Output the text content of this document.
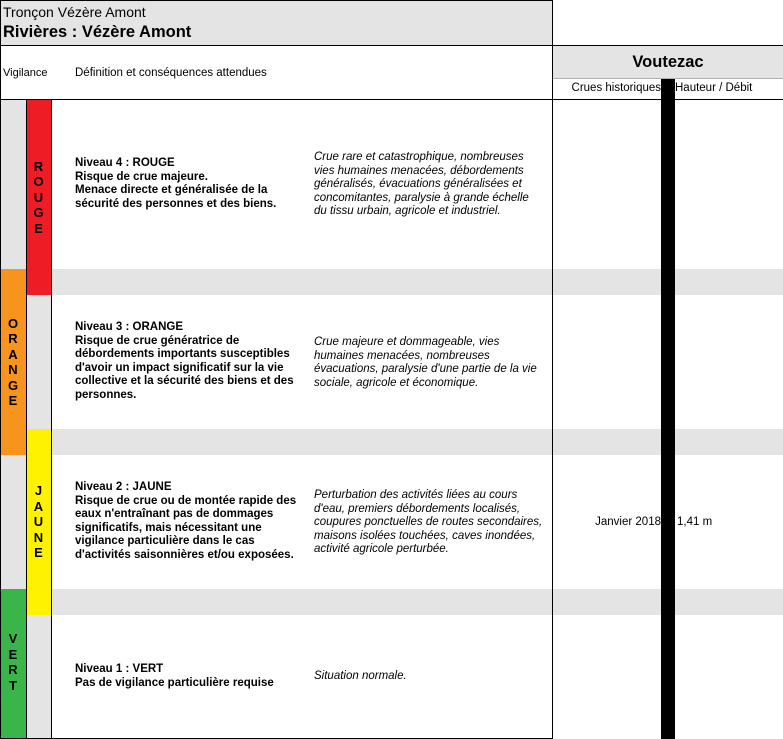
Tronçon Vézère Amont
Rivières : Vézère Amont
Vigilance Définition et conséquences attendues
Voutezac
Crues historiques Hauteur / Débit
O
R
A
N
G
E
V
E
R
T
R
O
U
G
E
J
A
U
N
E
Niveau 4 : ROUGE
Risque de crue majeure.
Menace directe et généralisée de la
sécurité des personnes et des biens.
Crue rare et catastrophique, nombreuses
vies humaines menacées, débordements
généralisés, évacuations généralisées et
concomitantes, paralysie à grande échelle
du tissu urbain, agricole et industriel.
Niveau 3 : ORANGE
Risque de crue génératrice de
débordements importants susceptibles
d'avoir un impact significatif sur la vie
collective et la sécurité des biens et des
personnes.
Crue majeure et dommageable, vies
humaines menacées, nombreuses
évacuations, paralysie d'une partie de la vie
sociale, agricole et économique.
Niveau 2 : JAUNE
Risque de crue ou de montée rapide des
eaux n'entraînant pas de dommages
significatifs, mais nécessitant une
vigilance particulière dans le cas
d'activités saisonnières et/ou exposées.
Perturbation des activités liées au cours
d'eau, premiers débordements localisés,
coupures ponctuelles de routes secondaires,
maisons isolées touchées, caves inondées,
activité agricole perturbée.
Janvier 2018 1,41 m
Niveau 1 : VERT
Pas de vigilance particulière requise
Situation normale.
